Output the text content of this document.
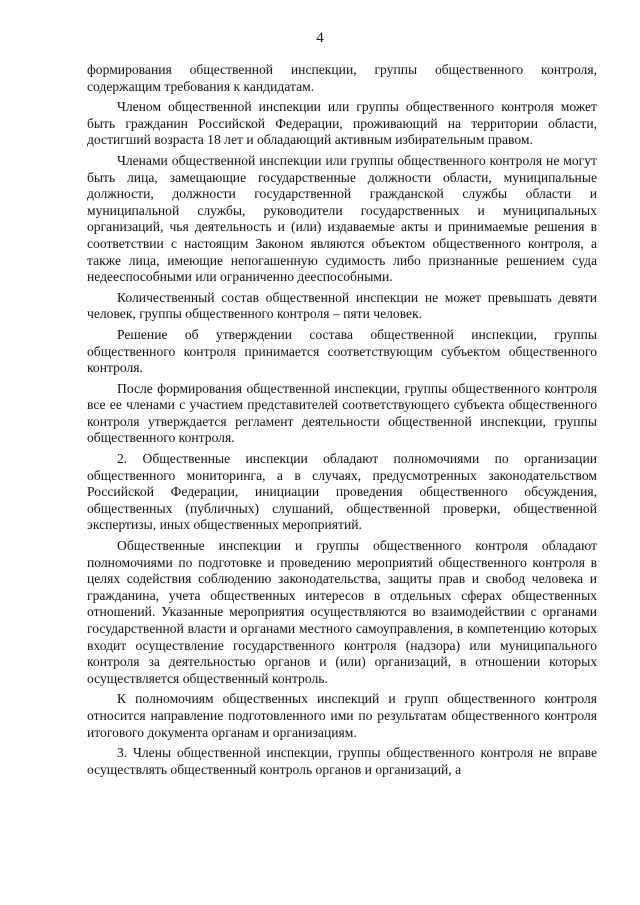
4

формирования общественной инспекции, группы общественного контроля, содержащим требования к кандидатам.

Членом общественной инспекции или группы общественного контроля может быть гражданин Российской Федерации, проживающий на территории области, достигший возраста 18 лет и обладающий активным избирательным правом.

Членами общественной инспекции или группы общественного контроля не могут быть лица, замещающие государственные должности области, муниципальные должности, должности государственной гражданской службы области и муниципальной службы, руководители государственных и муниципальных организаций, чья деятельность и (или) издаваемые акты и принимаемые решения в соответствии с настоящим Законом являются объектом общественного контроля, а также лица, имеющие непогашенную судимость либо признанные решением суда недееспособными или ограниченно дееспособными.

Количественный состав общественной инспекции не может превышать девяти человек, группы общественного контроля – пяти человек.

Решение об утверждении состава общественной инспекции, группы общественного контроля принимается соответствующим субъектом общественного контроля.

После формирования общественной инспекции, группы общественного контроля все ее членами с участием представителей соответствующего субъекта общественного контроля утверждается регламент деятельности общественной инспекции, группы общественного контроля.

2. Общественные инспекции обладают полномочиями по организации общественного мониторинга, а в случаях, предусмотренных законодательством Российской Федерации, инициации проведения общественного обсуждения, общественных (публичных) слушаний, общественной проверки, общественной экспертизы, иных общественных мероприятий.

Общественные инспекции и группы общественного контроля обладают полномочиями по подготовке и проведению мероприятий общественного контроля в целях содействия соблюдению законодательства, защиты прав и свобод человека и гражданина, учета общественных интересов в отдельных сферах общественных отношений. Указанные мероприятия осуществляются во взаимодействии с органами государственной власти и органами местного самоуправления, в компетенцию которых входит осуществление государственного контроля (надзора) или муниципального контроля за деятельностью органов и (или) организаций, в отношении которых осуществляется общественный контроль.

К полномочиям общественных инспекций и групп общественного контроля относится направление подготовленного ими по результатам общественного контроля итогового документа органам и организациям.

3. Члены общественной инспекции, группы общественного контроля не вправе осуществлять общественный контроль органов и организаций, а
